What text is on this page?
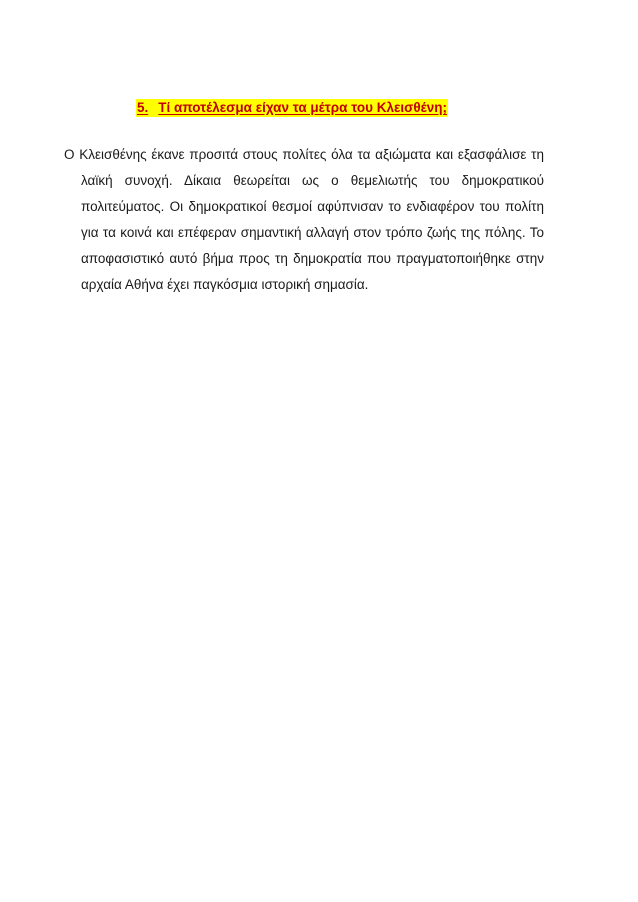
5. Τί αποτέλεσμα είχαν τα μέτρα του Κλεισθένη;
Ο Κλεισθένης έκανε προσιτά στους πολίτες όλα τα αξιώματα και εξασφάλισε τη
λαϊκή συνοχή. Δίκαια θεωρείται ως ο θεμελιωτής του δημοκρατικού
πολιτεύματος. Οι δημοκρατικοί θεσμοί αφύπνισαν το ενδιαφέρον του πολίτη
για τα κοινά και επέφεραν σημαντική αλλαγή στον τρόπο ζωής της πόλης. Το
αποφασιστικό αυτό βήμα προς τη δημοκρατία που πραγματοποιήθηκε στην
αρχαία Αθήνα έχει παγκόσμια ιστορική σημασία.
